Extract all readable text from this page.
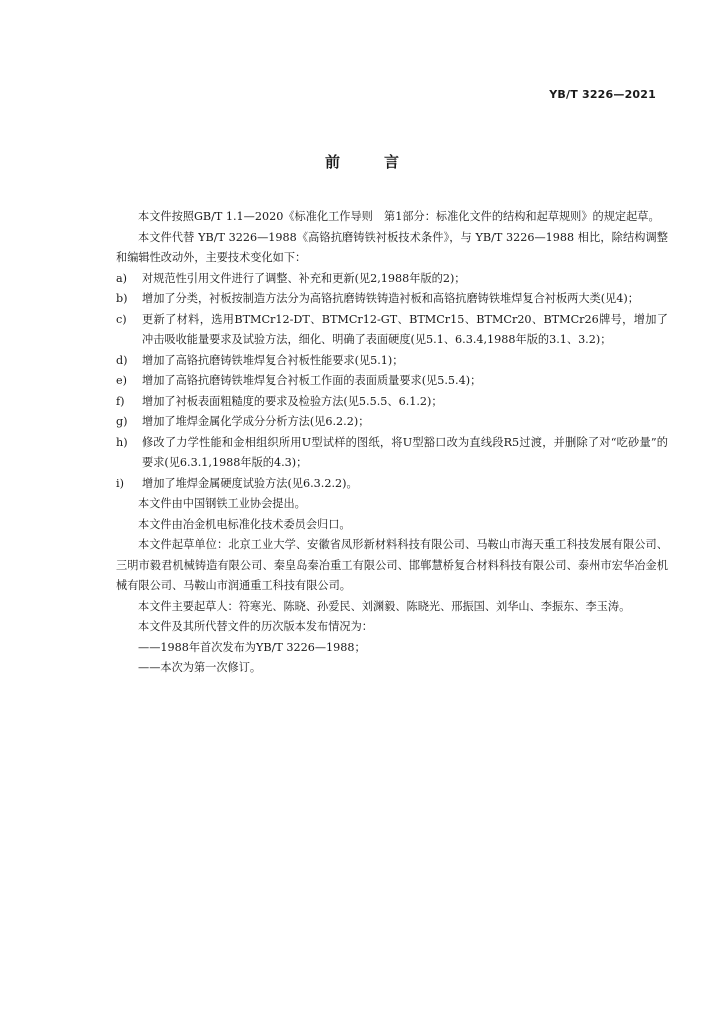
YB/T 3226—2021
前	言

本文件按照GB/T 1.1—2020《标准化工作导则　第1部分：标准化文件的结构和起草规则》的规定起草。

本文件代替 YB/T 3226—1988《高铬抗磨铸铁衬板技术条件》，与 YB/T 3226—1988 相比，除结构调整和编辑性改动外，主要技术变化如下：

a)	对规范性引用文件进行了调整、补充和更新(见2,1988年版的2)；
b)	增加了分类，衬板按制造方法分为高铬抗磨铸铁铸造衬板和高铬抗磨铸铁堆焊复合衬板两大类(见4)；
c)	更新了材料，选用BTMCr12-DT、BTMCr12-GT、BTMCr15、BTMCr20、BTMCr26牌号，增加了冲击吸收能量要求及试验方法，细化、明确了表面硬度(见5.1、6.3.4,1988年版的3.1、3.2)；
d)	增加了高铬抗磨铸铁堆焊复合衬板性能要求(见5.1)；
e)	增加了高铬抗磨铸铁堆焊复合衬板工作面的表面质量要求(见5.5.4)；
f)	增加了衬板表面粗糙度的要求及检验方法(见5.5.5、6.1.2)；
g)	增加了堆焊金属化学成分分析方法(见6.2.2)；
h)	修改了力学性能和金相组织所用U型试样的图纸，将U型豁口改为直线段R5过渡，并删除了对“吃砂量”的要求(见6.3.1,1988年版的4.3)；
i)	增加了堆焊金属硬度试验方法(见6.3.2.2)。

本文件由中国钢铁工业协会提出。

本文件由冶金机电标准化技术委员会归口。

本文件起草单位：北京工业大学、安徽省凤形新材料科技有限公司、马鞍山市海天重工科技发展有限公司、三明市毅君机械铸造有限公司、秦皇岛秦冶重工有限公司、邯郸慧桥复合材料科技有限公司、泰州市宏华冶金机械有限公司、马鞍山市润通重工科技有限公司。

本文件主要起草人：符寒光、陈晓、孙爱民、刘渊毅、陈晓光、邢振国、刘华山、李振东、李玉涛。

本文件及其所代替文件的历次版本发布情况为：

——1988年首次发布为YB/T 3226—1988；

——本次为第一次修订。
